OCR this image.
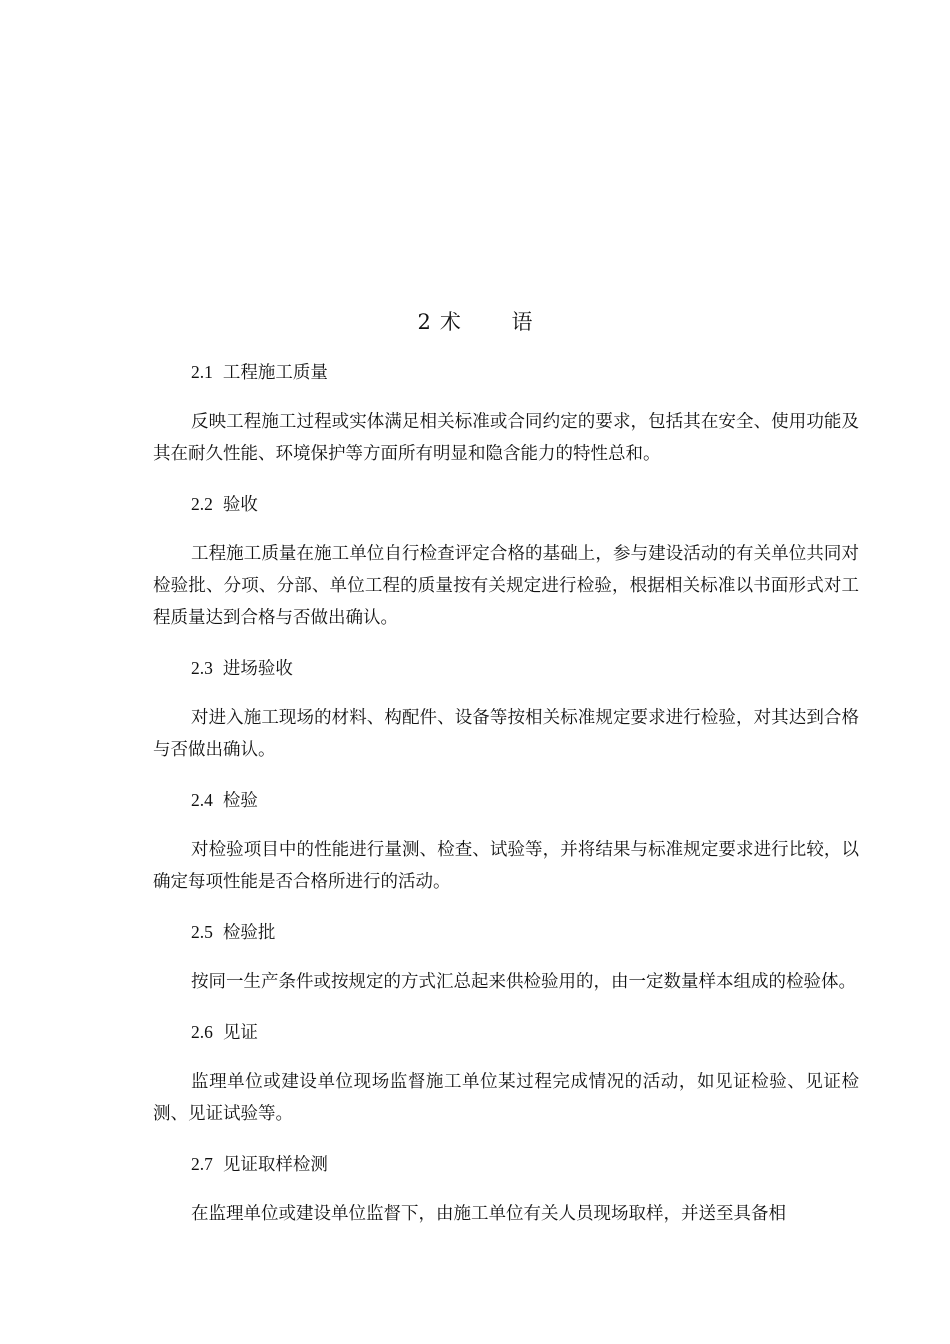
2 术 语
2.1 工程施工质量

反映工程施工过程或实体满足相关标准或合同约定的要求，包括其在安全、使用功能及其在耐久性能、环境保护等方面所有明显和隐含能力的特性总和。

2.2 验收

工程施工质量在施工单位自行检查评定合格的基础上，参与建设活动的有关单位共同对检验批、分项、分部、单位工程的质量按有关规定进行检验，根据相关标准以书面形式对工程质量达到合格与否做出确认。

2.3 进场验收

对进入施工现场的材料、构配件、设备等按相关标准规定要求进行检验，对其达到合格与否做出确认。

2.4 检验

对检验项目中的性能进行量测、检查、试验等，并将结果与标准规定要求进行比较，以确定每项性能是否合格所进行的活动。

2.5 检验批

按同一生产条件或按规定的方式汇总起来供检验用的，由一定数量样本组成的检验体。

2.6 见证

监理单位或建设单位现场监督施工单位某过程完成情况的活动，如见证检验、见证检测、见证试验等。

2.7 见证取样检测

在监理单位或建设单位监督下，由施工单位有关人员现场取样，并送至具备相
